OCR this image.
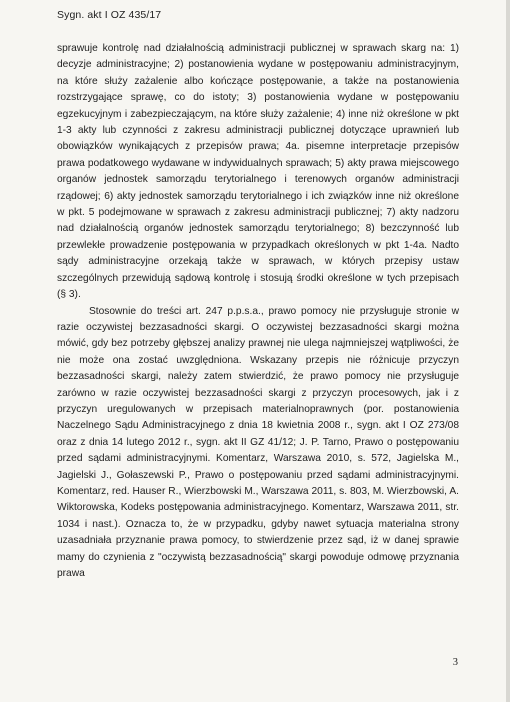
Sygn. akt I OZ 435/17

sprawuje kontrolę nad działalnością administracji publicznej w sprawach skarg na: 1) decyzje administracyjne; 2) postanowienia wydane w postępowaniu administracyjnym, na które służy zażalenie albo kończące postępowanie, a także na postanowienia rozstrzygające sprawę, co do istoty; 3) postanowienia wydane w postępowaniu egzekucyjnym i zabezpieczającym, na które służy zażalenie; 4) inne niż określone w pkt 1-3 akty lub czynności z zakresu administracji publicznej dotyczące uprawnień lub obowiązków wynikających z przepisów prawa; 4a. pisemne interpretacje przepisów prawa podatkowego wydawane w indywidualnych sprawach; 5) akty prawa miejscowego organów jednostek samorządu terytorialnego i terenowych organów administracji rządowej; 6) akty jednostek samorządu terytorialnego i ich związków inne niż określone w pkt. 5 podejmowane w sprawach z zakresu administracji publicznej; 7) akty nadzoru nad działalnością organów jednostek samorządu terytorialnego; 8) bezczynność lub przewlekłe prowadzenie postępowania w przypadkach określonych w pkt 1-4a. Nadto sądy administracyjne orzekają także w sprawach, w których przepisy ustaw szczególnych przewidują sądową kontrolę i stosują środki określone w tych przepisach (§ 3).

Stosownie do treści art. 247 p.p.s.a., prawo pomocy nie przysługuje stronie w razie oczywistej bezzasadności skargi. O oczywistej bezzasadności skargi można mówić, gdy bez potrzeby głębszej analizy prawnej nie ulega najmniejszej wątpliwości, że nie może ona zostać uwzględniona. Wskazany przepis nie różnicuje przyczyn bezzasadności skargi, należy zatem stwierdzić, że prawo pomocy nie przysługuje zarówno w razie oczywistej bezzasadności skargi z przyczyn procesowych, jak i z przyczyn uregulowanych w przepisach materialnoprawnych (por. postanowienia Naczelnego Sądu Administracyjnego z dnia 18 kwietnia 2008 r., sygn. akt I OZ 273/08 oraz z dnia 14 lutego 2012 r., sygn. akt II GZ 41/12; J. P. Tarno, Prawo o postępowaniu przed sądami administracyjnymi. Komentarz, Warszawa 2010, s. 572, Jagielska M., Jagielski J., Gołaszewski P., Prawo o postępowaniu przed sądami administracyjnymi. Komentarz, red. Hauser R., Wierzbowski M., Warszawa 2011, s. 803, M. Wierzbowski, A. Wiktorowska, Kodeks postępowania administracyjnego. Komentarz, Warszawa 2011, str. 1034 i nast.). Oznacza to, że w przypadku, gdyby nawet sytuacja materialna strony uzasadniała przyznanie prawa pomocy, to stwierdzenie przez sąd, iż w danej sprawie mamy do czynienia z "oczywistą bezzasadnością" skargi powoduje odmowę przyznania prawa

3
